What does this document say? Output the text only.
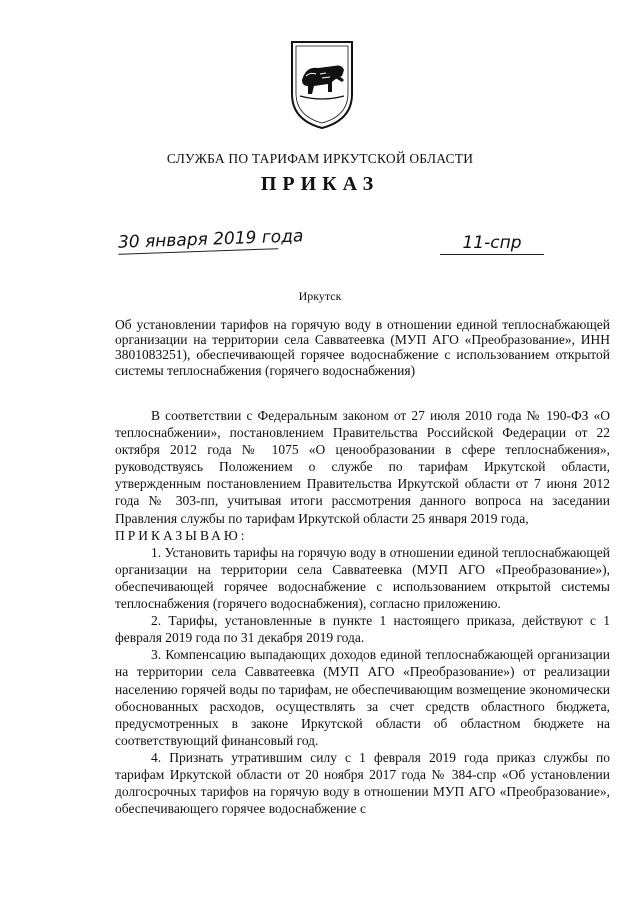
СЛУЖБА ПО ТАРИФАМ ИРКУТСКОЙ ОБЛАСТИ
ПРИКАЗ
30 января 2019 года	11-спр
Иркутск
Об установлении тарифов на горячую воду в отношении единой теплоснабжающей организации на территории села Савватеевка (МУП АГО «Преобразование», ИНН 3801083251), обеспечивающей горячее водоснабжение с использованием открытой системы теплоснабжения (горячего водоснабжения)

В соответствии с Федеральным законом от 27 июля 2010 года № 190-ФЗ «О теплоснабжении», постановлением Правительства Российской Федерации от 22 октября 2012 года № 1075 «О ценообразовании в сфере теплоснабжения», руководствуясь Положением о службе по тарифам Иркутской области, утвержденным постановлением Правительства Иркутской области от 7 июня 2012 года № 303-пп, учитывая итоги рассмотрения данного вопроса на заседании Правления службы по тарифам Иркутской области 25 января 2019 года,

ПРИКАЗЫВАЮ:

1. Установить тарифы на горячую воду в отношении единой теплоснабжающей организации на территории села Савватеевка (МУП АГО «Преобразование»), обеспечивающей горячее водоснабжение с использованием открытой системы теплоснабжения (горячего водоснабжения), согласно приложению.

2. Тарифы, установленные в пункте 1 настоящего приказа, действуют с 1 февраля 2019 года по 31 декабря 2019 года.

3. Компенсацию выпадающих доходов единой теплоснабжающей организации на территории села Савватеевка (МУП АГО «Преобразование») от реализации населению горячей воды по тарифам, не обеспечивающим возмещение экономически обоснованных расходов, осуществлять за счет средств областного бюджета, предусмотренных в законе Иркутской области об областном бюджете на соответствующий финансовый год.

4. Признать утратившим силу с 1 февраля 2019 года приказ службы по тарифам Иркутской области от 20 ноября 2017 года № 384-спр «Об установлении долгосрочных тарифов на горячую воду в отношении МУП АГО «Преобразование», обеспечивающего горячее водоснабжение с
